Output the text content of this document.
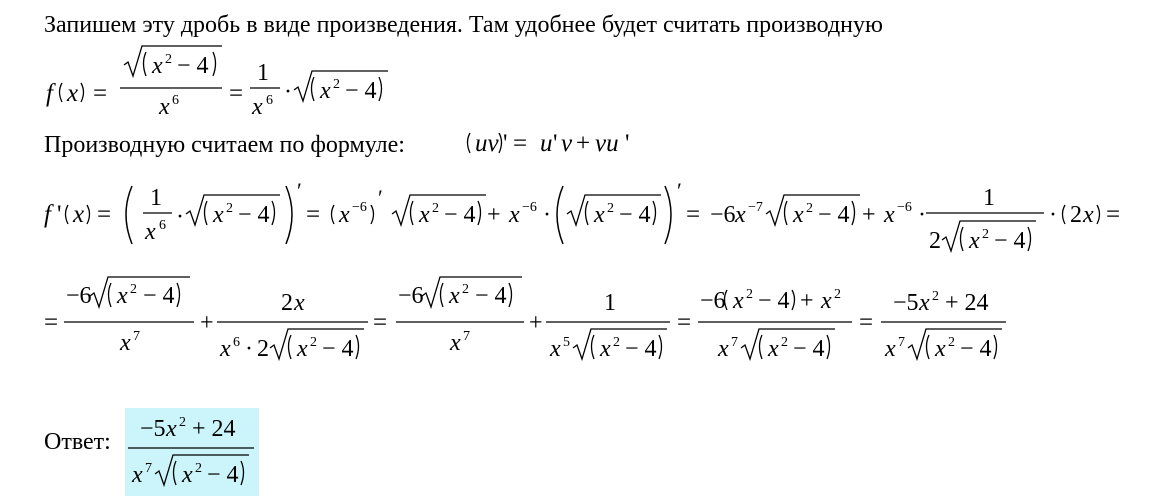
Запишем эту дробь в виде произведения. Там удобнее будет считать производную
Производную считаем по формуле:
Ответ:
f x =
x 2 − 4
x 6 =
1
x 6 · x 2 − 4
uv ' = u ' v + vu '
f ' x =
1
x 6 · x 2 − 4
′
= x −6 ′
x 2 − 4 + x −6 · x 2 − 4
′
= −6 x −7 x 2 − 4 + x −6 ·
1
2 x 2 − 4
· 2 x =
=
−6 x 2 − 4
x 7
+
2 x
x 6 · 2 x 2 − 4
=
−6 x 2 − 4
x 7
+
1
x 5 x 2 − 4
=
−6 x 2 − 4 + x 2
x 7 x 2 − 4
=
−5 x 2 + 24
x 7 x 2 − 4
−5 x 2 + 24
x 7 x 2 − 4
